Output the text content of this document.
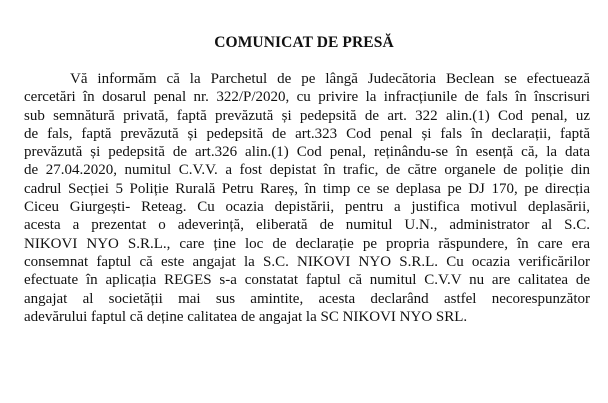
COMUNICAT DE PRESĂ
Vă informăm că la Parchetul de pe lângă Judecătoria Beclean se efectuează
cercetări în dosarul penal nr. 322/P/2020, cu privire la infracțiunile de fals în înscrisuri
sub semnătură privată, faptă prevăzută și pedepsită de art. 322 alin.(1) Cod penal, uz
de fals, faptă prevăzută și pedepsită de art.323 Cod penal și fals în declarații, faptă
prevăzută și pedepsită de art.326 alin.(1) Cod penal, reținându-se în esență că, la data
de 27.04.2020, numitul C.V.V. a fost depistat în trafic, de către organele de poliție din
cadrul Secției 5 Poliție Rurală Petru Rareș, în timp ce se deplasa pe DJ 170, pe direcția
Ciceu Giurgești- Reteag. Cu ocazia depistării, pentru a justifica motivul deplasării,
acesta a prezentat o adeverință, eliberată de numitul U.N., administrator al S.C.
NIKOVI NYO S.R.L., care ține loc de declarație pe propria răspundere, în care era
consemnat faptul că este angajat la S.C. NIKOVI NYO S.R.L. Cu ocazia verificărilor
efectuate în aplicația REGES s-a constatat faptul că numitul C.V.V nu are calitatea de
angajat al societății mai sus amintite, acesta declarând astfel necorespunzător
adevărului faptul că deține calitatea de angajat la SC NIKOVI NYO SRL.
